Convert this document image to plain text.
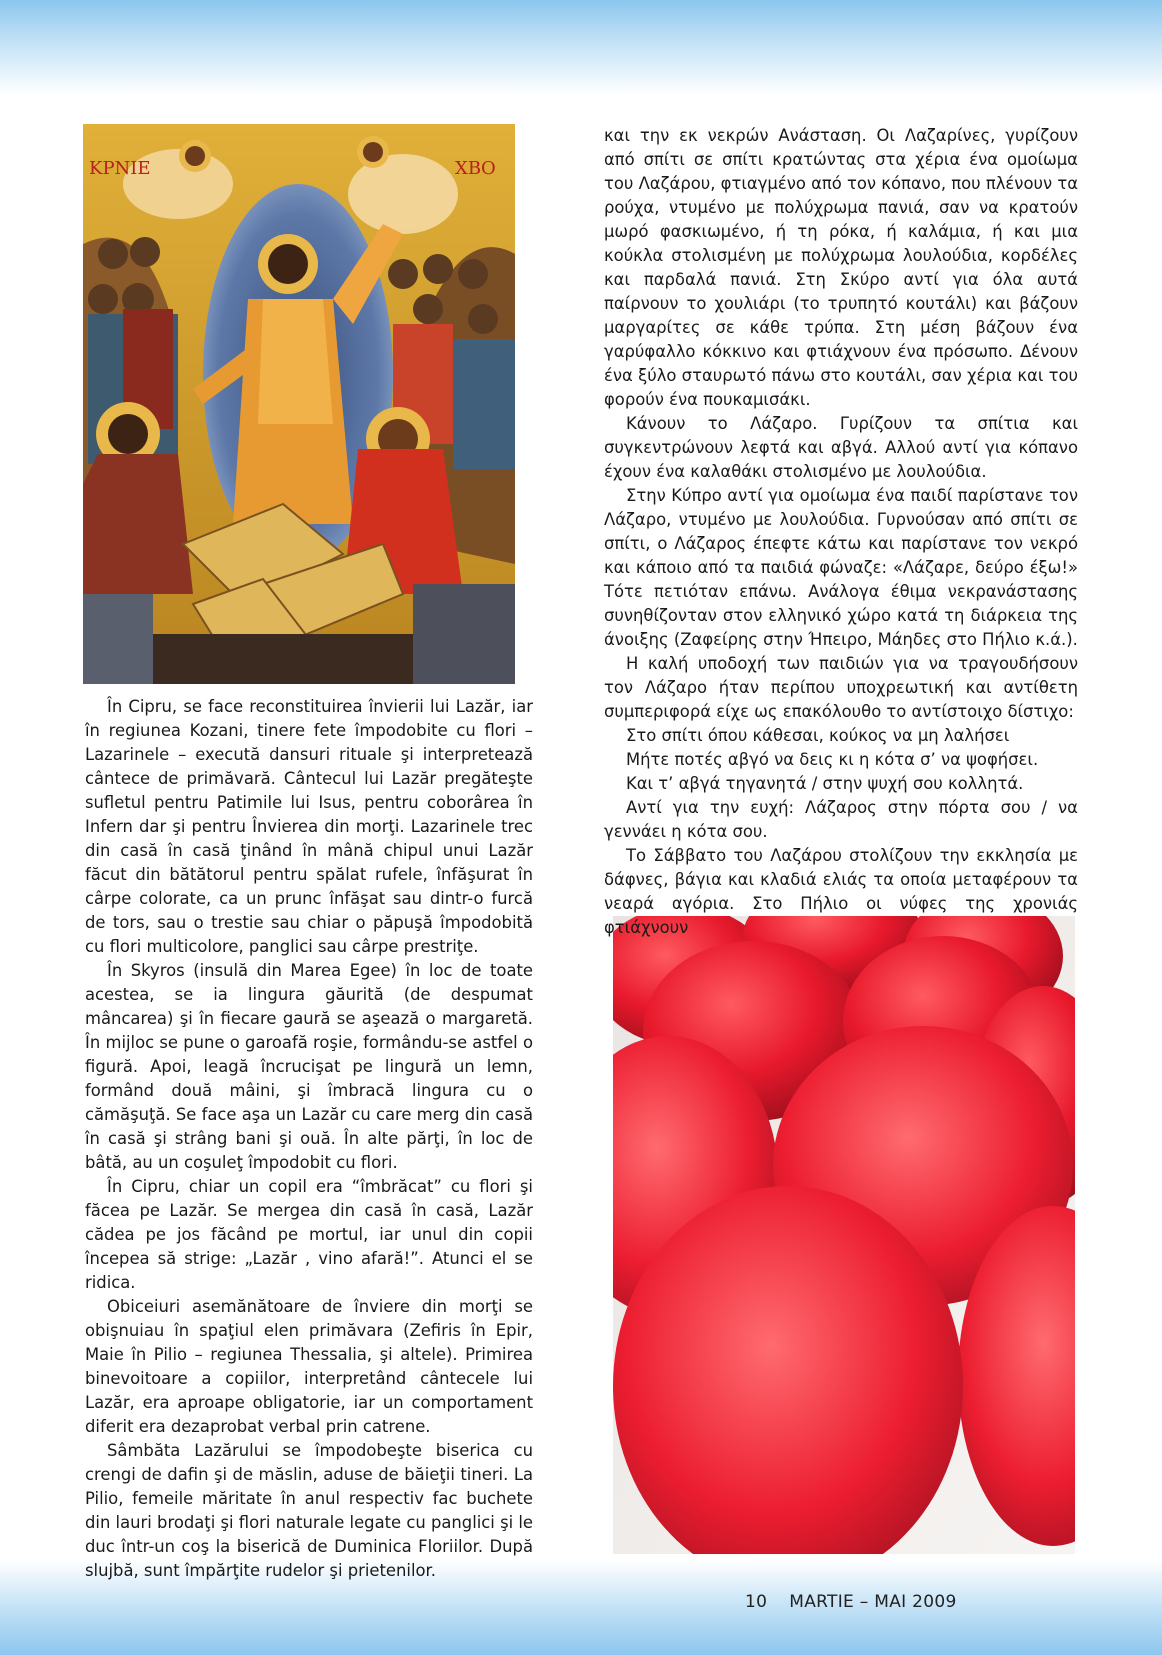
ΚΡΝΙΕ	ΧΒΟ

În Cipru, se face reconstituirea învierii lui Lazăr, iar în regiunea Kozani, tinere fete împodobite cu flori – Lazarinele – execută dansuri rituale şi interpretează cântece de primăvară. Cântecul lui Lazăr pregăteşte sufletul pentru Patimile lui Isus, pentru coborârea în Infern dar şi pentru Învierea din morţi. Lazarinele trec din casă în casă ţinând în mână chipul unui Lazăr făcut din bătătorul pentru spălat rufele, înfăşurat în cârpe colorate, ca un prunc înfăşat sau dintr-o furcă de tors, sau o trestie sau chiar o păpuşă împodobită cu flori multicolore, panglici sau cârpe prestriţe.

În Skyros (insulă din Marea Egee) în loc de toate acestea, se ia lingura găurită (de despumat mâncarea) şi în fiecare gaură se aşează o margaretă. În mijloc se pune o garoafă roşie, formându-se astfel o figură. Apoi, leagă încrucişat pe lingură un lemn, formând două mâini, şi îmbracă lingura cu o cămăşuţă. Se face aşa un Lazăr cu care merg din casă în casă şi strâng bani şi ouă. În alte părţi, în loc de bâtă, au un coşuleţ împodobit cu flori.

În Cipru, chiar un copil era “îmbrăcat” cu flori şi făcea pe Lazăr. Se mergea din casă în casă, Lazăr cădea pe jos făcând pe mortul, iar unul din copii începea să strige: „Lazăr , vino afară!”. Atunci el se ridica.

Obiceiuri asemănătoare de înviere din morţi se obişnuiau în spaţiul elen primăvara (Zefiris în Epir, Maie în Pilio – regiunea Thessalia, şi altele). Primirea binevoitoare a copiilor, interpretând cântecele lui Lazăr, era aproape obligatorie, iar un comportament diferit era dezaprobat verbal prin catrene.

Sâmbăta Lazărului se împodobeşte biserica cu crengi de dafin şi de măslin, aduse de băieţii tineri. La Pilio, femeile măritate în anul respectiv fac buchete din lauri brodaţi şi flori naturale legate cu panglici şi le duc într-un coş la biserică de Duminica Floriilor. După slujbă, sunt împărţite rudelor şi prietenilor.

και την εκ νεκρών Ανάσταση. Οι Λαζαρίνες, γυρίζουν από σπίτι σε σπίτι κρατώντας στα χέρια ένα ομοίωμα του Λαζάρου, φτιαγμένο από τον κόπανο, που πλένουν τα ρούχα, ντυμένο με πολύχρωμα πανιά, σαν να κρατούν μωρό φασκιωμένο, ή τη ρόκα, ή καλάμια, ή και μια κούκλα στολισμένη με πολύχρωμα λουλούδια, κορδέλες και παρδαλά πανιά. Στη Σκύρο αντί για όλα αυτά παίρνουν το χουλιάρι (το τρυπητό κουτάλι) και βάζουν μαργαρίτες σε κάθε τρύπα. Στη μέση βάζουν ένα γαρύφαλλο κόκκινο και φτιάχνουν ένα πρόσωπο. Δένουν ένα ξύλο σταυρωτό πάνω στο κουτάλι, σαν χέρια και του φορούν ένα πουκαμισάκι.

Κάνουν το Λάζαρο. Γυρίζουν τα σπίτια και συγκεντρώνουν λεφτά και αβγά. Αλλού αντί για κόπανο έχουν ένα καλαθάκι στολισμένο με λουλούδια.

Στην Κύπρο αντί για ομοίωμα ένα παιδί παρίστανε τον Λάζαρο, ντυμένο με λουλούδια. Γυρνούσαν από σπίτι σε σπίτι, ο Λάζαρος έπεφτε κάτω και παρίστανε τον νεκρό και κάποιο από τα παιδιά φώναζε: «Λάζαρε, δεύρο έξω!» Τότε πετιόταν επάνω. Ανάλογα έθιμα νεκρανάστασης συνηθίζονταν στον ελληνικό χώρο κατά τη διάρκεια της άνοιξης (Ζαφείρης στην Ήπειρο, Μάηδες στο Πήλιο κ.ά.).

Η καλή υποδοχή των παιδιών για να τραγουδήσουν τον Λάζαρο ήταν περίπου υποχρεωτική και αντίθετη συμπεριφορά είχε ως επακόλουθο το αντίστοιχο δίστιχο:

Στο σπίτι όπου κάθεσαι, κούκος να μη λαλήσει

Μήτε ποτές αβγό να δεις κι η κότα σ’ να ψοφήσει.

Και τ’ αβγά τηγανητά / στην ψυχή σου κολλητά.

Αντί για την ευχή: Λάζαρος στην πόρτα σου / να γεννάει η κότα σου.

Το Σάββατο του Λαζάρου στολίζουν την εκκλησία με δάφνες, βάγια και κλαδιά ελιάς τα οποία μεταφέρουν τα νεαρά αγόρια. Στο Πήλιο οι νύφες της χρονιάς φτιάχνουν

10 MARTIE – MAI 2009
